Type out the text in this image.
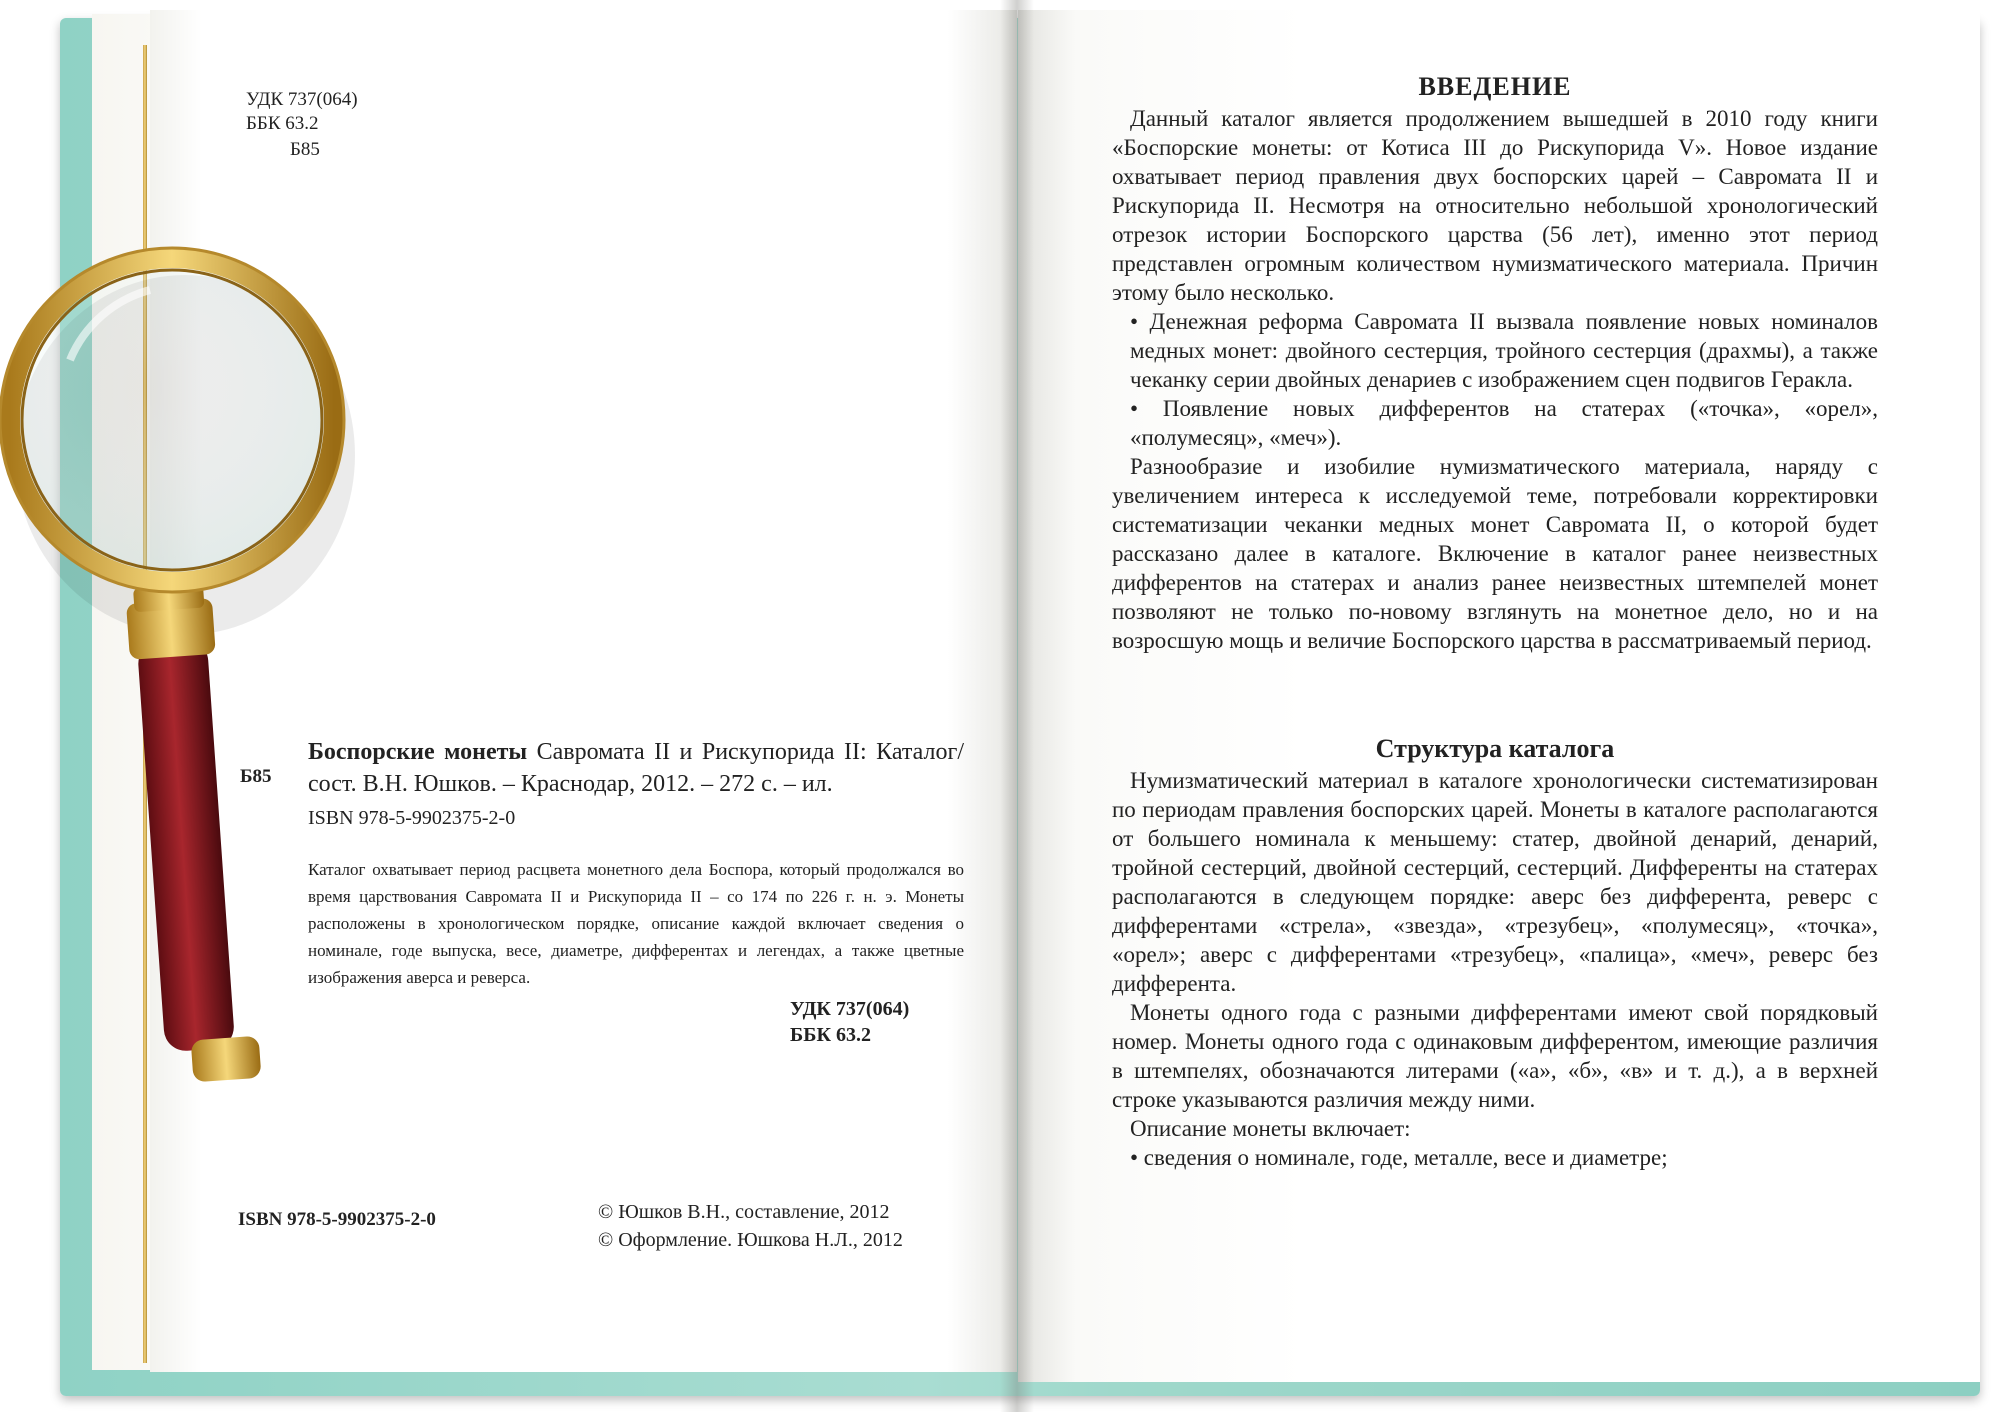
УДК 737(064)
ББК 63.2
Б85
Б85
Боспорские монеты Савромата II и Рискупорида II: Каталог/сост. В.Н. Юшков. – Краснодар, 2012. – 272 с. – ил.
ISBN 978-5-9902375-2-0
Каталог охватывает период расцвета монетного дела Боспора, который продолжался во время царствования Савромата II и Рискупорида II – со 174 по 226 г. н. э. Монеты расположены в хронологическом порядке, описание каждой включает сведения о номинале, годе выпуска, весе, диаметре, дифферентах и легендах, а также цветные изображения аверса и реверса.
УДК 737(064)
ББК 63.2
ISBN 978-5-9902375-2-0	© Юшков В.Н., составление, 2012
© Оформление. Юшкова Н.Л., 2012
ВВЕДЕНИЕ

Данный каталог является продолжением вышедшей в 2010 году книги «Боспорские монеты: от Котиса III до Рискупорида V». Новое издание охватывает период правления двух боспорских царей – Савромата II и Рискупорида II. Несмотря на относительно небольшой хронологический отрезок истории Боспорского царства (56 лет), именно этот период представлен огромным количеством нумизматического материала. Причин этому было несколько.

• Денежная реформа Савромата II вызвала появление новых номиналов медных монет: двойного сестерция, тройного сестерция (драхмы), а также чеканку серии двойных денариев с изображением сцен подвигов Геракла.

• Появление новых дифферентов на статерах («точка», «орел», «полумесяц», «меч»).

Разнообразие и изобилие нумизматического материала, наряду с увеличением интереса к исследуемой теме, потребовали корректировки систематизации чеканки медных монет Савромата II, о которой будет рассказано далее в каталоге. Включение в каталог ранее неизвестных дифферентов на статерах и анализ ранее неизвестных штемпелей монет позволяют не только по-новому взглянуть на монетное дело, но и на возросшую мощь и величие Боспорского царства в рассматриваемый период.

Структура каталога

Нумизматический материал в каталоге хронологически систематизирован по периодам правления боспорских царей. Монеты в каталоге располагаются от большего номинала к меньшему: статер, двойной денарий, денарий, тройной сестерций, двойной сестерций, сестерций. Дифференты на статерах располагаются в следующем порядке: аверс без дифферента, реверс с дифферентами «стрела», «звезда», «трезубец», «полумесяц», «точка», «орел»; аверс с дифферентами «трезубец», «палица», «меч», реверс без дифферента.

Монеты одного года с разными дифферентами имеют свой порядковый номер. Монеты одного года с одинаковым дифферентом, имеющие различия в штемпелях, обозначаются литерами («а», «б», «в» и т. д.), а в верхней строке указываются различия между ними.

Описание монеты включает:

• сведения о номинале, годе, металле, весе и диаметре;
